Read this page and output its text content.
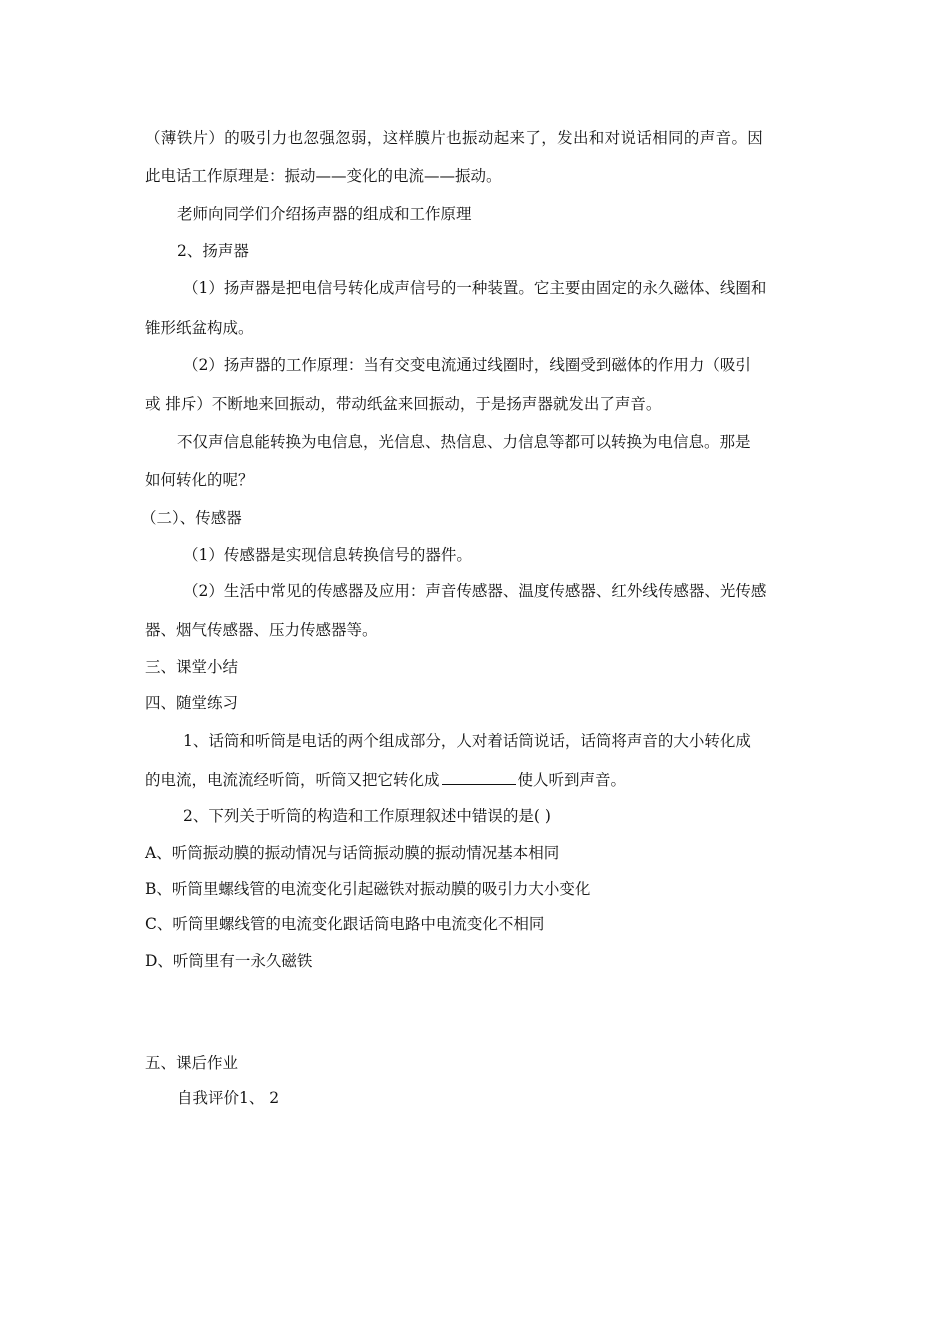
（薄铁片）的吸引力也忽强忽弱，这样膜片也振动起来了，发出和对说话相同的声音。因

此电话工作原理是：振动——变化的电流——振动。

老师向同学们介绍扬声器的组成和工作原理

2、扬声器

（1）扬声器是把电信号转化成声信号的一种装置。它主要由固定的永久磁体、线圈和

锥形纸盆构成。

（2）扬声器的工作原理：当有交变电流通过线圈时，线圈受到磁体的作用力（吸引

或 排斥）不断地来回振动，带动纸盆来回振动，于是扬声器就发出了声音。

不仅声信息能转换为电信息，光信息、热信息、力信息等都可以转换为电信息。那是

如何转化的呢？

（二）、传感器

（1）传感器是实现信息转换信号的器件。

（2）生活中常见的传感器及应用：声音传感器、温度传感器、红外线传感器、光传感

器、烟气传感器、压力传感器等。

三、课堂小结

四、随堂练习

1、话筒和听筒是电话的两个组成部分，人对着话筒说话，话筒将声音的大小转化成

的电流，电流流经听筒，听筒又把它转化成	使人听到声音。

2、下列关于听筒的构造和工作原理叙述中错误的是( )

A、听筒振动膜的振动情况与话筒振动膜的振动情况基本相同

B、听筒里螺线管的电流变化引起磁铁对振动膜的吸引力大小变化

C、听筒里螺线管的电流变化跟话筒电路中电流变化不相同

D、听筒里有一永久磁铁

五、课后作业

自我评价1、 2
